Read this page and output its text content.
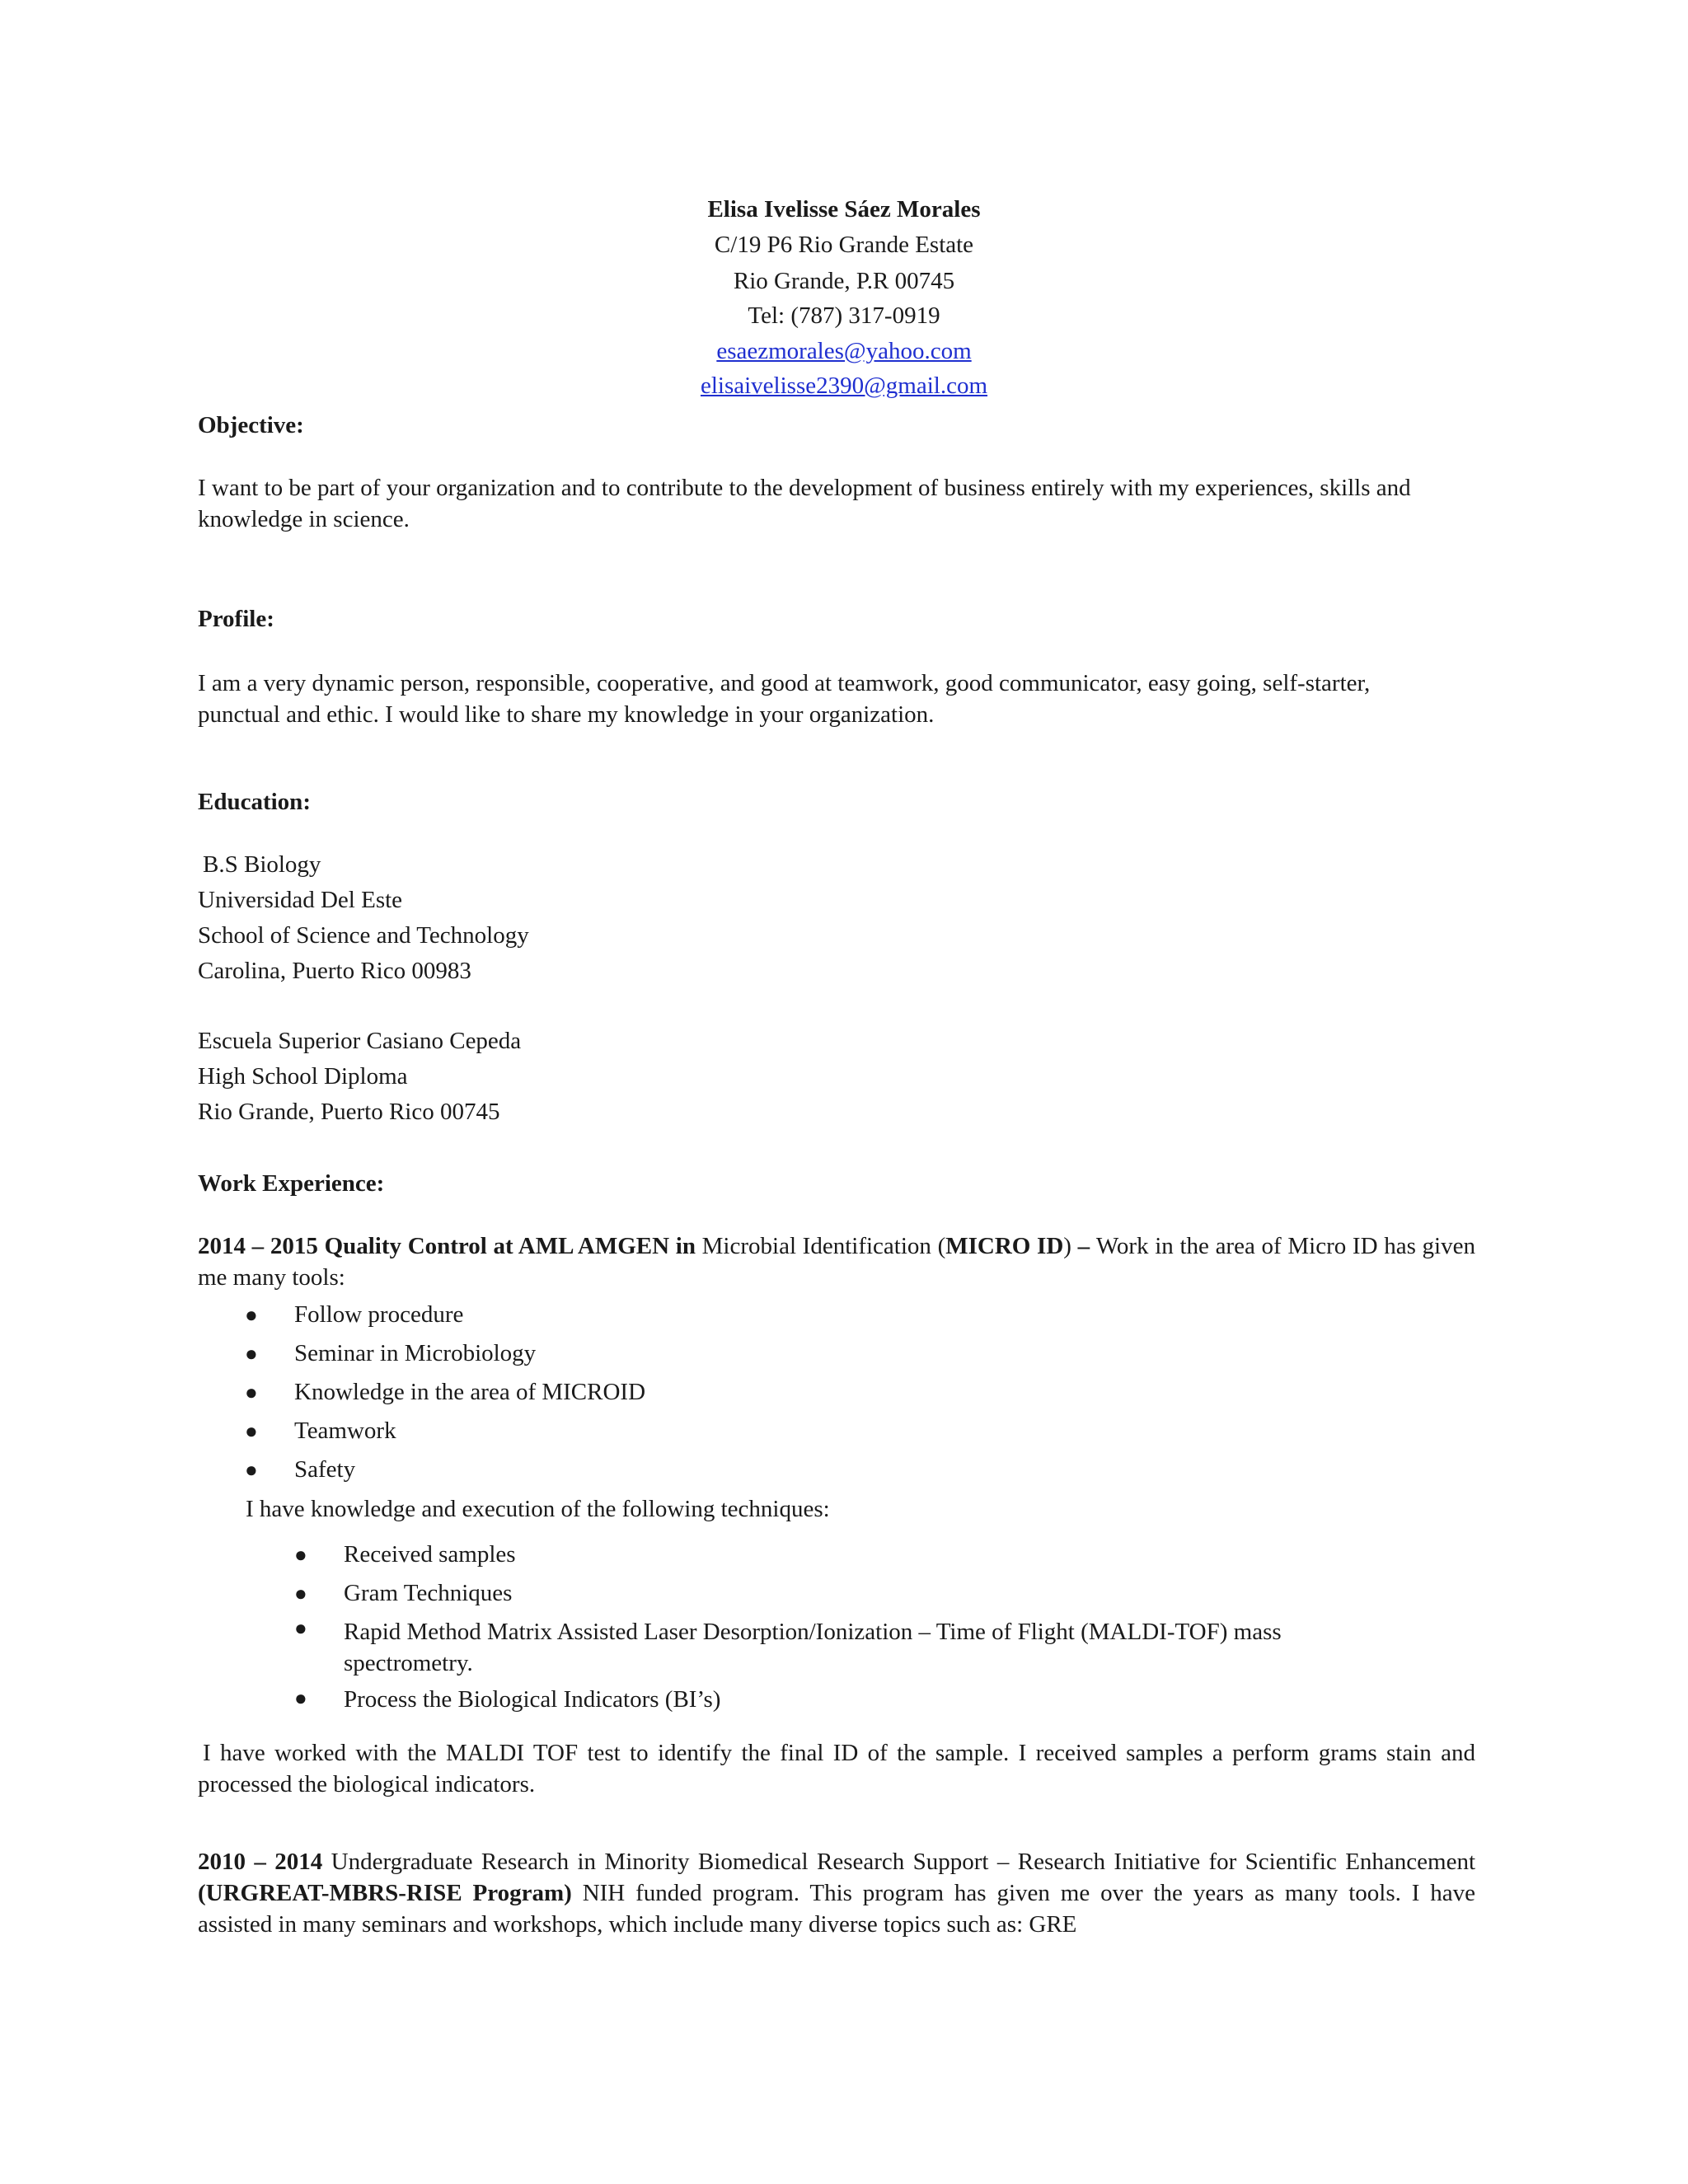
Elisa Ivelisse Sáez Morales
C/19 P6 Rio Grande Estate
Rio Grande, P.R 00745
Tel: (787) 317-0919
esaezmorales@yahoo.com
elisaivelisse2390@gmail.com
Objective:
I want to be part of your organization and to contribute to the development of business entirely with my experiences, skills and knowledge in science.
Profile:
I am a very dynamic person, responsible, cooperative, and good at teamwork, good communicator, easy going, self-starter, punctual and ethic. I would like to share my knowledge in your organization.
Education:
B.S Biology
Universidad Del Este
School of Science and Technology
Carolina, Puerto Rico 00983
Escuela Superior Casiano Cepeda
High School Diploma
Rio Grande, Puerto Rico 00745
Work Experience:
2014 – 2015 Quality Control at AML AMGEN in Microbial Identification (MICRO ID) – Work in the area of Micro ID has given me many tools:
● Follow procedure
● Seminar in Microbiology
● Knowledge in the area of MICROID
● Teamwork
● Safety
I have knowledge and execution of the following techniques:
● Received samples
● Gram Techniques
● Rapid Method Matrix Assisted Laser Desorption/Ionization – Time of Flight (MALDI-TOF) mass
spectrometry.
● Process the Biological Indicators (BI’s)
I have worked with the MALDI TOF test to identify the final ID of the sample. I received samples a perform grams stain and processed the biological indicators.
2010 – 2014 Undergraduate Research in Minority Biomedical Research Support – Research Initiative for Scientific Enhancement (URGREAT-MBRS-RISE Program) NIH funded program. This program has given me over the years as many tools. I have assisted in many seminars and workshops, which include many diverse topics such as: GRE
